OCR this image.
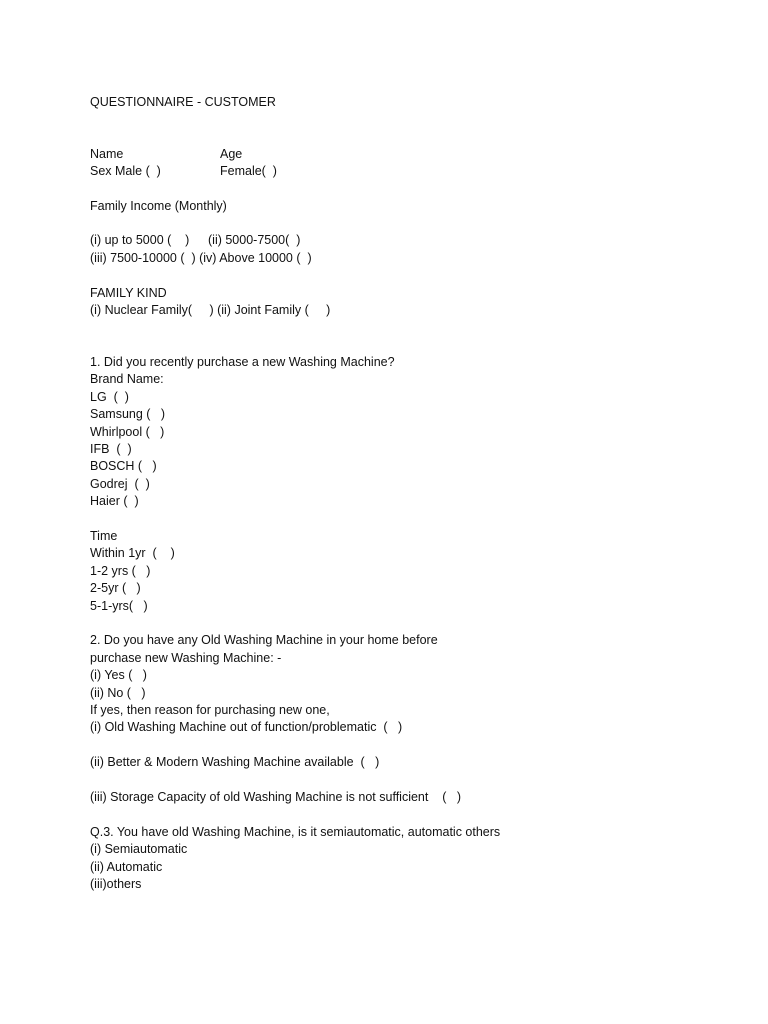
QUESTIONNAIRE - CUSTOMER
Name	Age
Sex Male (  )	Female(  )
Family Income (Monthly)
(i) up to 5000 (    ) (ii) 5000-7500(  )
(iii) 7500-10000 (  ) (iv) Above 10000 (  )
FAMILY KIND
(i) Nuclear Family(     ) (ii) Joint Family (     )
1. Did you recently purchase a new Washing Machine?
Brand Name:
LG  (  )
Samsung (   )
Whirlpool (   )
IFB  (  )
BOSCH (   )
Godrej  (  )
Haier (  )
Time
Within 1yr  (    )
1-2 yrs (   )
2-5yr (   )
5-1-yrs(   )
2. Do you have any Old Washing Machine in your home before
purchase new Washing Machine: -
(i) Yes (   )
(ii) No (   )
If yes, then reason for purchasing new one,
(i) Old Washing Machine out of function/problematic  (   )
(ii) Better & Modern Washing Machine available  (   )
(iii) Storage Capacity of old Washing Machine is not sufficient    (   )
Q.3. You have old Washing Machine, is it semiautomatic, automatic others
(i) Semiautomatic
(ii) Automatic
(iii)others
